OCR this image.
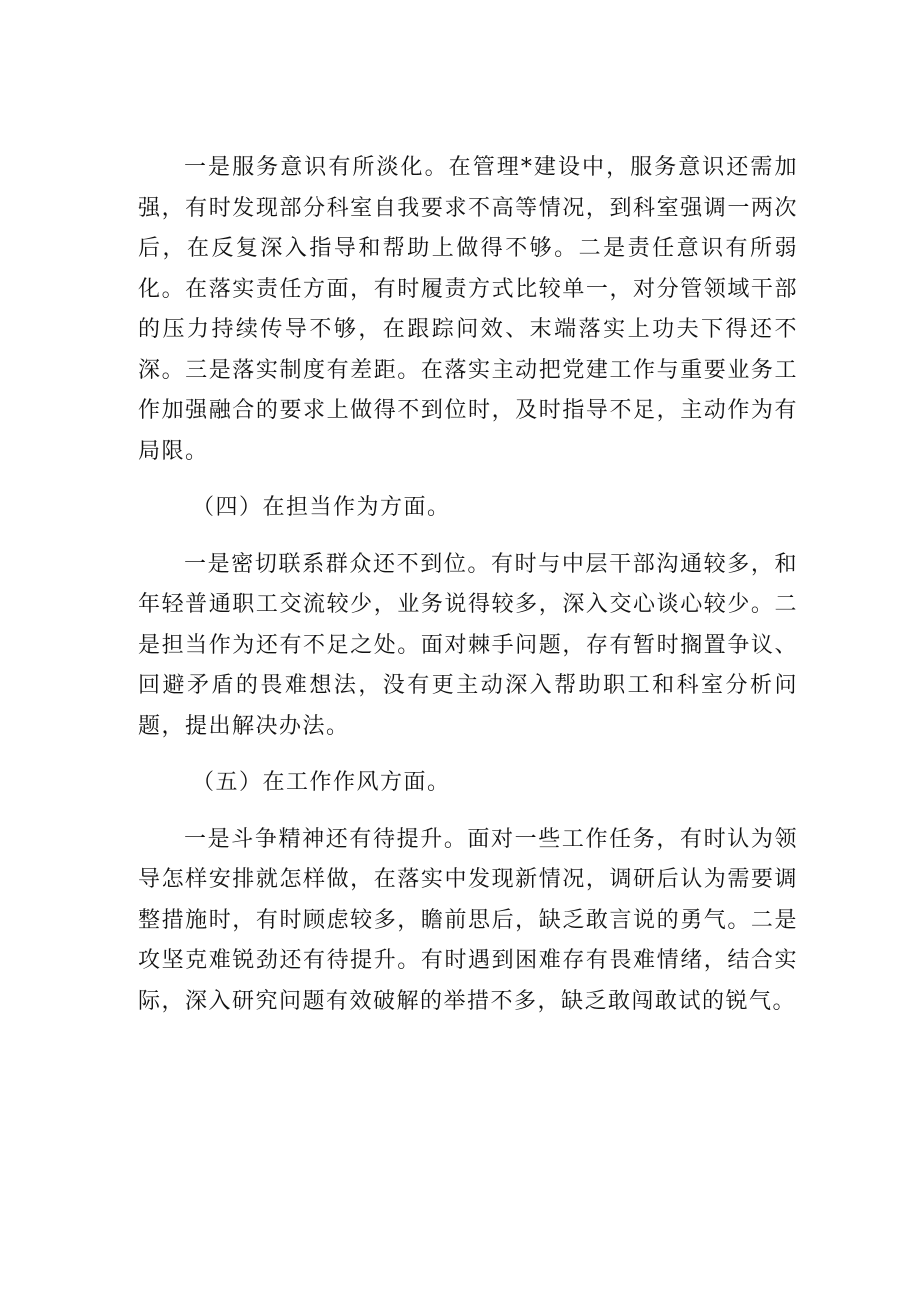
一是服务意识有所淡化。在管理*建设中，服务意识还需加强，有时发现部分科室自我要求不高等情况，到科室强调一两次后，在反复深入指导和帮助上做得不够。二是责任意识有所弱化。在落实责任方面，有时履责方式比较单一，对分管领域干部的压力持续传导不够，在跟踪问效、末端落实上功夫下得还不深。三是落实制度有差距。在落实主动把党建工作与重要业务工作加强融合的要求上做得不到位时，及时指导不足，主动作为有局限。

（四）在担当作为方面。

一是密切联系群众还不到位。有时与中层干部沟通较多，和年轻普通职工交流较少，业务说得较多，深入交心谈心较少。二是担当作为还有不足之处。面对棘手问题，存有暂时搁置争议、回避矛盾的畏难想法，没有更主动深入帮助职工和科室分析问题，提出解决办法。

（五）在工作作风方面。

一是斗争精神还有待提升。面对一些工作任务，有时认为领导怎样安排就怎样做，在落实中发现新情况，调研后认为需要调整措施时，有时顾虑较多，瞻前思后，缺乏敢言说的勇气。二是攻坚克难锐劲还有待提升。有时遇到困难存有畏难情绪，结合实际，深入研究问题有效破解的举措不多，缺乏敢闯敢试的锐气。
